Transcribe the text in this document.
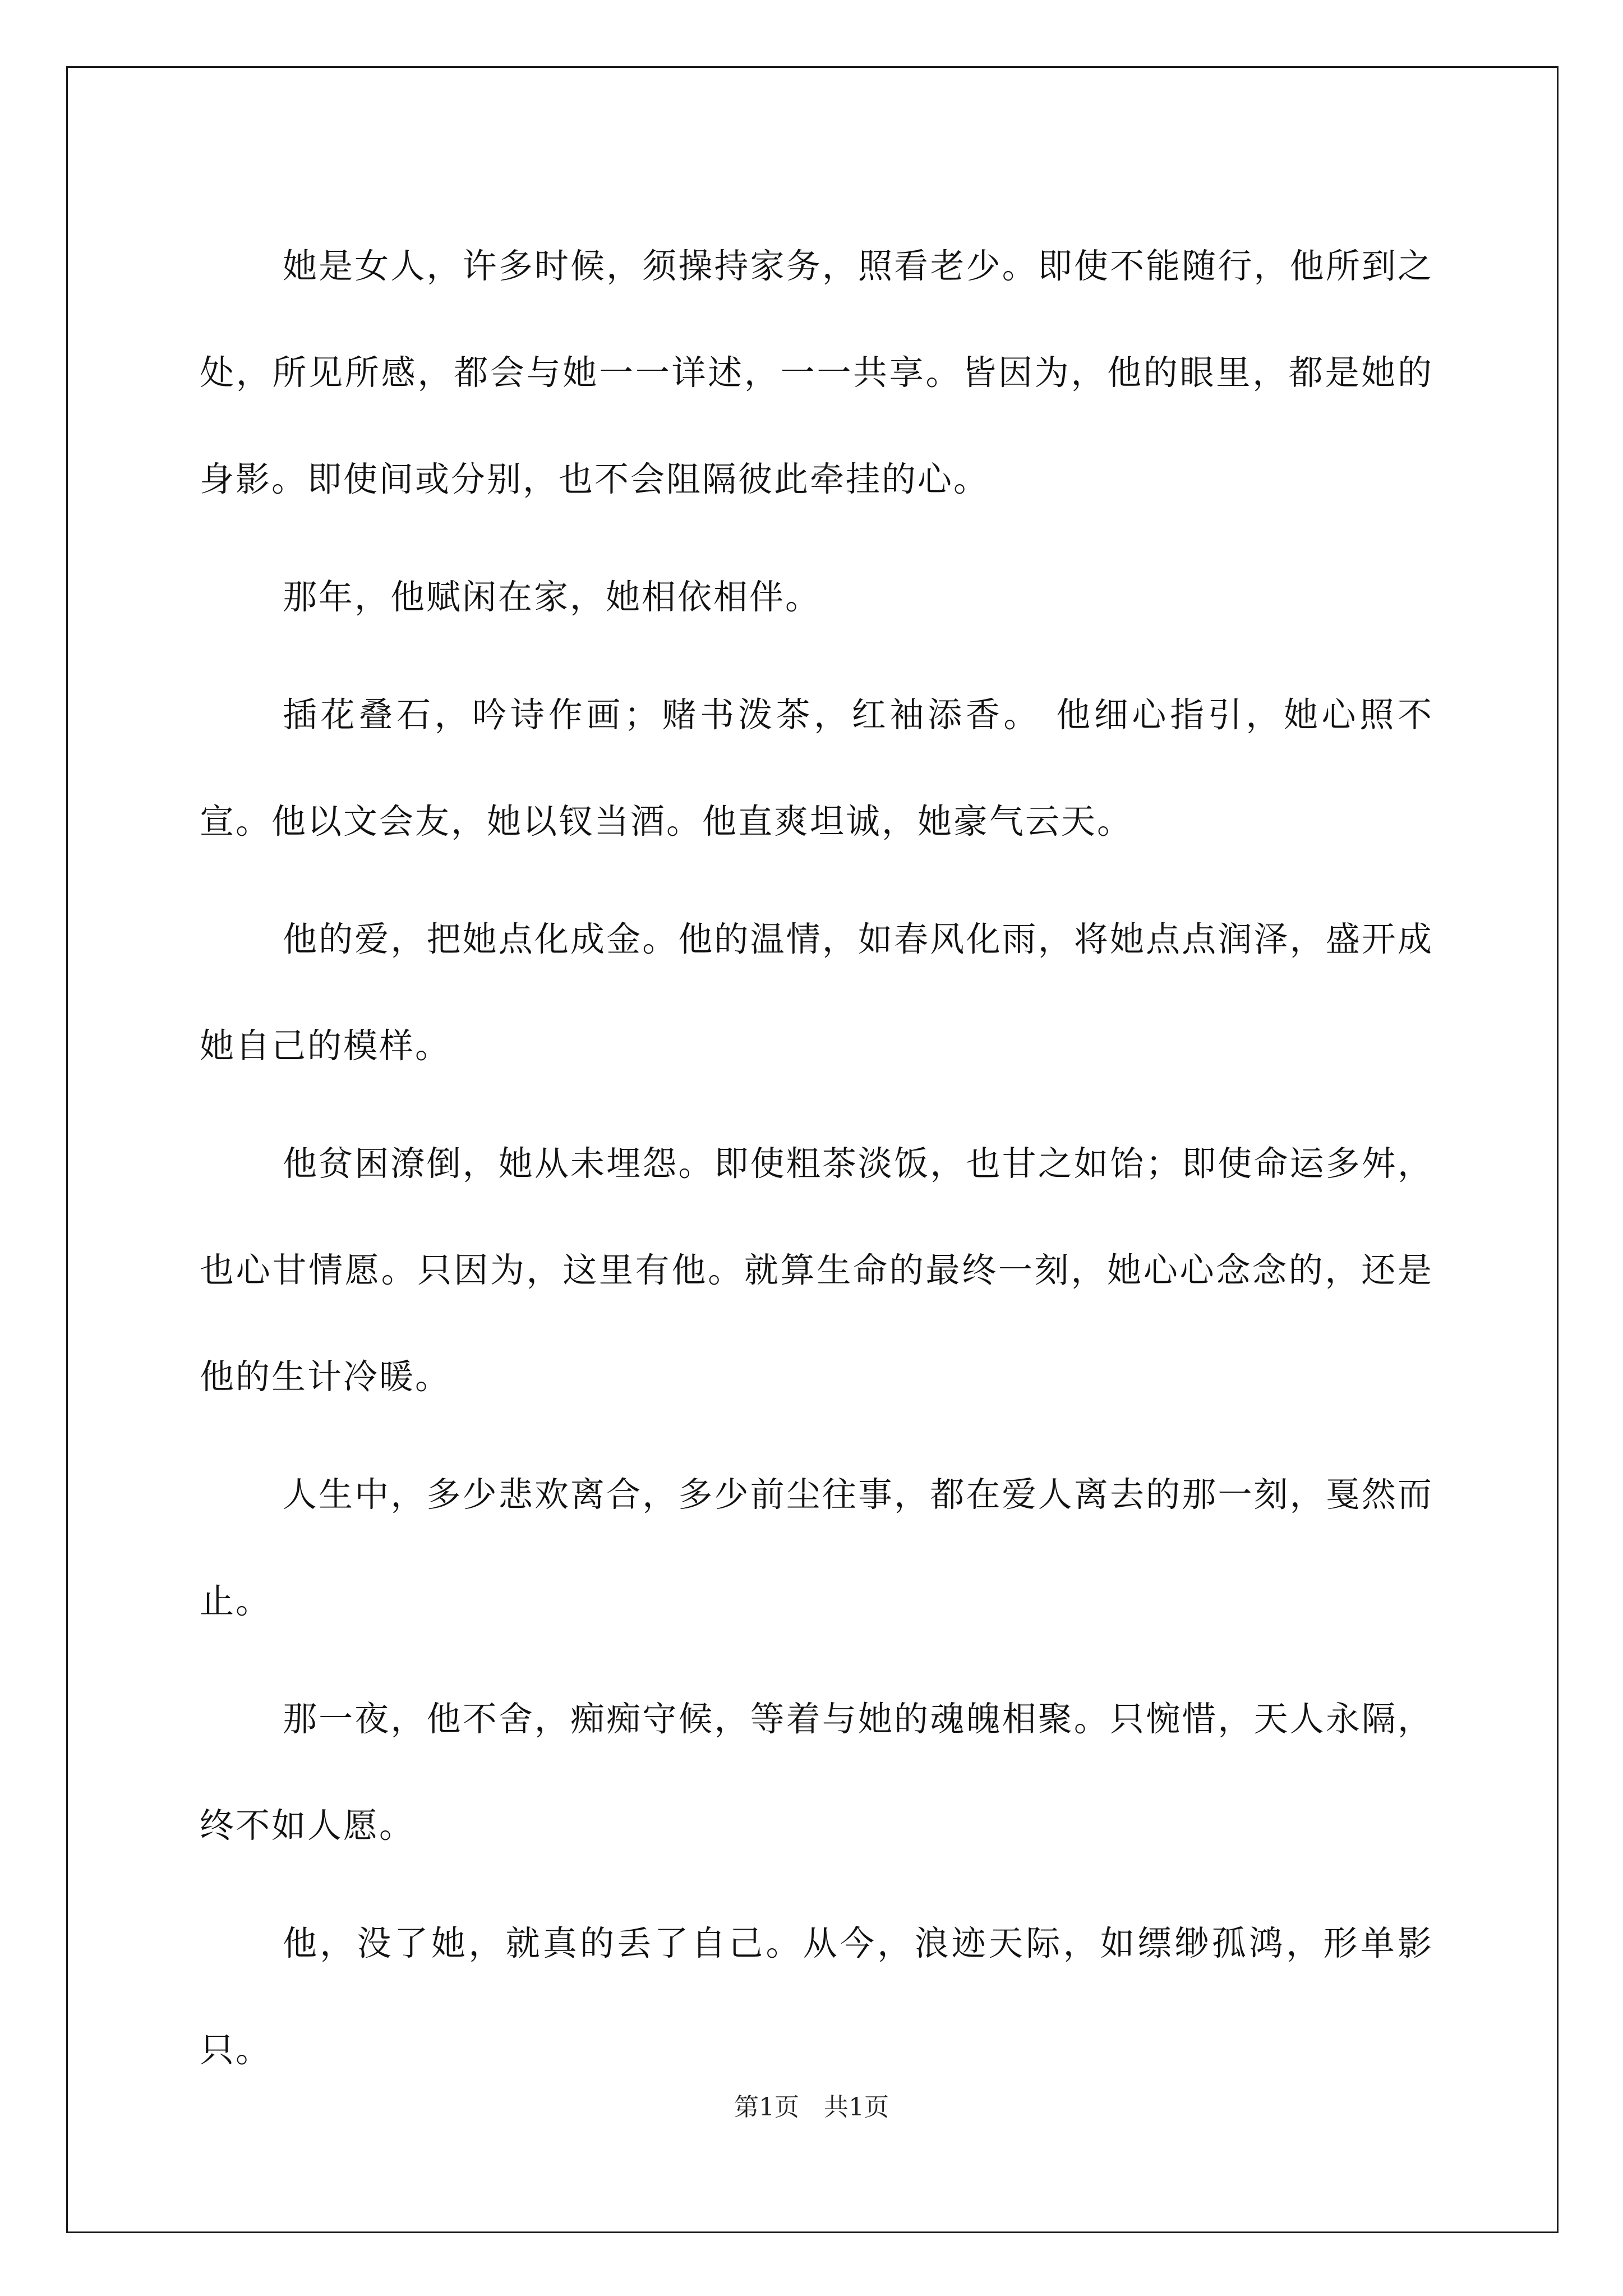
她是女人，许多时候，须操持家务，照看老少。即使不能随行，他所到之处，所见所感，都会与她一一详述，一一共享。皆因为，他的眼里，都是她的身影。即使间或分别，也不会阻隔彼此牵挂的心。

那年，他赋闲在家，她相依相伴。

插花叠石，吟诗作画；赌书泼茶，红袖添香。 他细心指引，她心照不宣。他以文会友，她以钗当酒。他直爽坦诚，她豪气云天。

他的爱，把她点化成金。他的温情，如春风化雨，将她点点润泽，盛开成她自己的模样。

他贫困潦倒，她从未埋怨。即使粗茶淡饭，也甘之如饴；即使命运多舛，也心甘情愿。只因为，这里有他。就算生命的最终一刻，她心心念念的，还是他的生计冷暖。

人生中，多少悲欢离合，多少前尘往事，都在爱人离去的那一刻，戛然而止。

那一夜，他不舍，痴痴守候，等着与她的魂魄相聚。只惋惜，天人永隔，终不如人愿。

他，没了她，就真的丢了自己。从今，浪迹天际，如缥缈孤鸿，形单影只。

第1页　共1页
